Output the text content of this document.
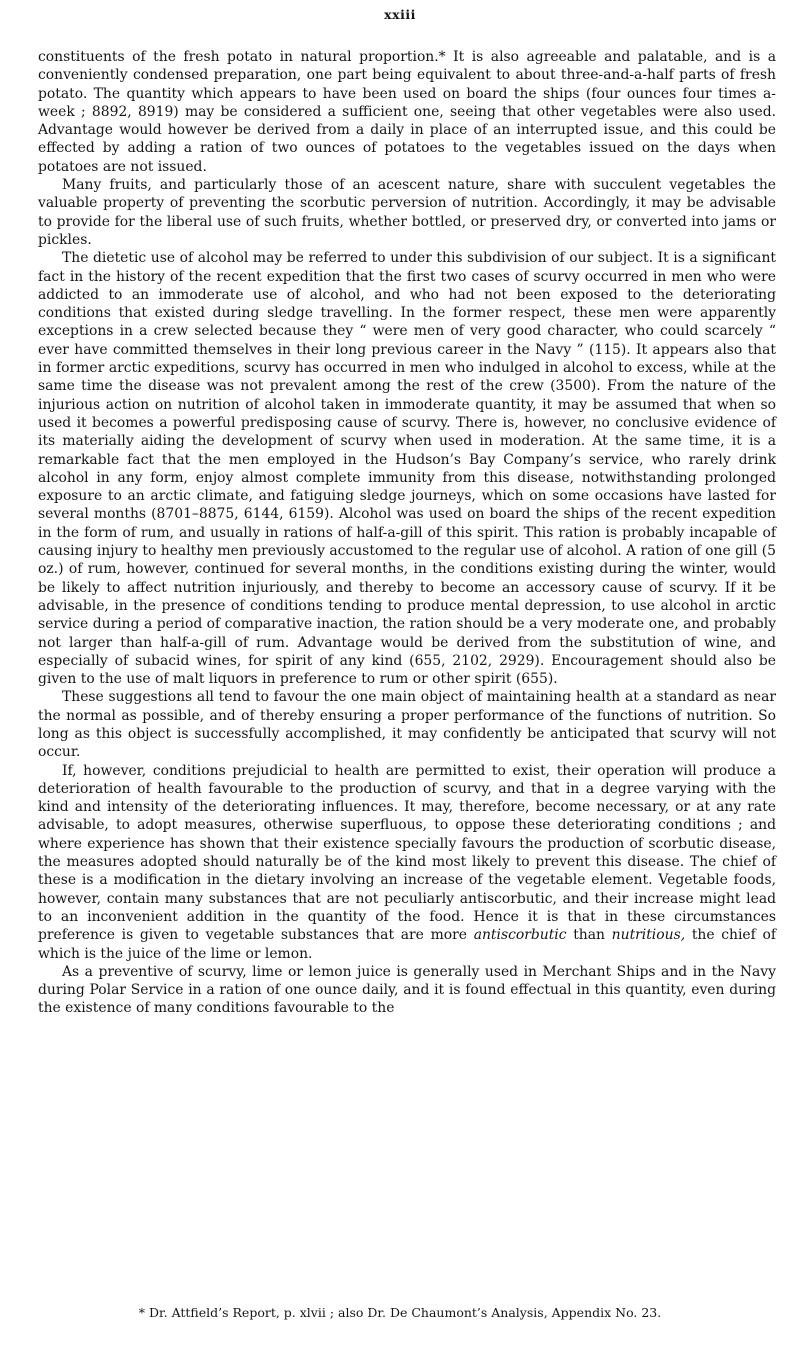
xxiii

constituents of the fresh potato in natural proportion.* It is also agreeable and palatable, and is a conveniently condensed preparation, one part being equivalent to about three-and-a-half parts of fresh potato. The quantity which appears to have been used on board the ships (four ounces four times a-week ; 8892, 8919) may be considered a sufficient one, seeing that other vegetables were also used. Advantage would however be derived from a daily in place of an interrupted issue, and this could be effected by adding a ration of two ounces of potatoes to the vegetables issued on the days when potatoes are not issued.

Many fruits, and particularly those of an acescent nature, share with succulent vegetables the valuable property of preventing the scorbutic perversion of nutrition. Accordingly, it may be advisable to provide for the liberal use of such fruits, whether bottled, or preserved dry, or converted into jams or pickles.

The dietetic use of alcohol may be referred to under this subdivision of our subject. It is a significant fact in the history of the recent expedition that the first two cases of scurvy occurred in men who were addicted to an immoderate use of alcohol, and who had not been exposed to the deteriorating conditions that existed during sledge travelling. In the former respect, these men were apparently exceptions in a crew selected because they “ were men of very good character, who could scarcely “ ever have committed themselves in their long previous career in the Navy ” (115). It appears also that in former arctic expeditions, scurvy has occurred in men who indulged in alcohol to excess, while at the same time the disease was not prevalent among the rest of the crew (3500). From the nature of the injurious action on nutrition of alcohol taken in immoderate quantity, it may be assumed that when so used it becomes a powerful predisposing cause of scurvy. There is, however, no conclusive evidence of its materially aiding the development of scurvy when used in moderation. At the same time, it is a remarkable fact that the men employed in the Hudson’s Bay Company’s service, who rarely drink alcohol in any form, enjoy almost complete immunity from this disease, notwithstanding prolonged exposure to an arctic climate, and fatiguing sledge journeys, which on some occasions have lasted for several months (8701–8875, 6144, 6159). Alcohol was used on board the ships of the recent expedition in the form of rum, and usually in rations of half-a-gill of this spirit. This ration is probably incapable of causing injury to healthy men previously accustomed to the regular use of alcohol. A ration of one gill (5 oz.) of rum, however, continued for several months, in the conditions existing during the winter, would be likely to affect nutrition injuriously, and thereby to become an accessory cause of scurvy. If it be advisable, in the presence of conditions tending to produce mental depression, to use alcohol in arctic service during a period of comparative inaction, the ration should be a very moderate one, and probably not larger than half-a-gill of rum. Advantage would be derived from the substitution of wine, and especially of subacid wines, for spirit of any kind (655, 2102, 2929). Encouragement should also be given to the use of malt liquors in preference to rum or other spirit (655).

These suggestions all tend to favour the one main object of maintaining health at a standard as near the normal as possible, and of thereby ensuring a proper performance of the functions of nutrition. So long as this object is successfully accomplished, it may confidently be anticipated that scurvy will not occur.

If, however, conditions prejudicial to health are permitted to exist, their operation will produce a deterioration of health favourable to the production of scurvy, and that in a degree varying with the kind and intensity of the deteriorating influences. It may, therefore, become necessary, or at any rate advisable, to adopt measures, otherwise superfluous, to oppose these deteriorating conditions ; and where experience has shown that their existence specially favours the production of scorbutic disease, the measures adopted should naturally be of the kind most likely to prevent this disease. The chief of these is a modification in the dietary involving an increase of the vegetable element. Vegetable foods, however, contain many substances that are not peculiarly antiscorbutic, and their increase might lead to an inconvenient addition in the quantity of the food. Hence it is that in these circumstances preference is given to vegetable substances that are more antiscorbutic than nutritious, the chief of which is the juice of the lime or lemon.

As a preventive of scurvy, lime or lemon juice is generally used in Merchant Ships and in the Navy during Polar Service in a ration of one ounce daily, and it is found effectual in this quantity, even during the existence of many conditions favourable to the

* Dr. Attfield’s Report, p. xlvii ; also Dr. De Chaumont’s Analysis, Appendix No. 23.
